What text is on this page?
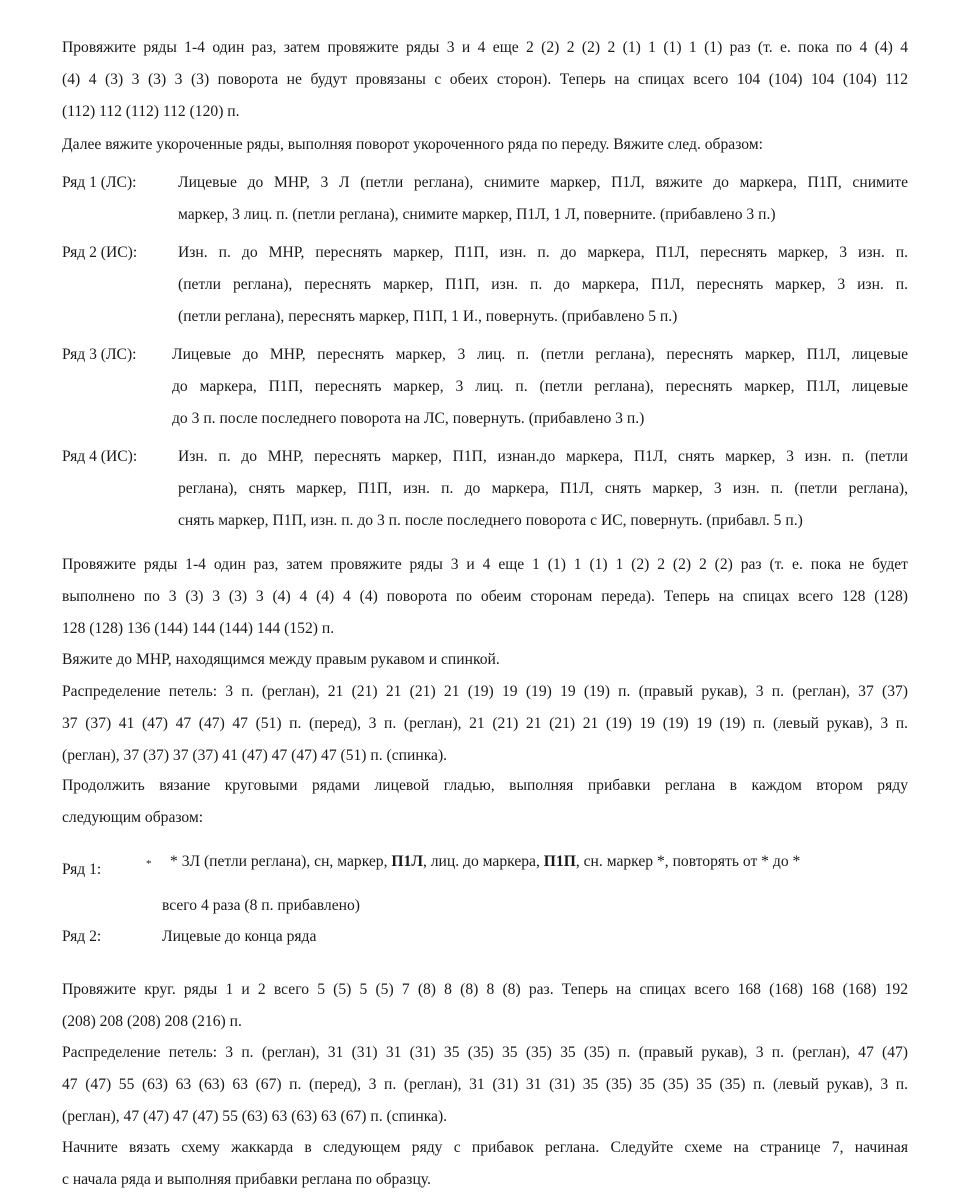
Провяжите ряды 1-4 один раз, затем провяжите ряды 3 и 4 еще 2 (2) 2 (2) 2 (1) 1 (1) 1 (1) раз (т. е. пока по 4 (4) 4
(4) 4 (3) 3 (3) 3 (3) поворота не будут провязаны с обеих сторон). Теперь на спицах всего 104 (104) 104 (104) 112
(112) 112 (112) 112 (120) п.
Далее вяжите укороченные ряды, выполняя поворот укороченного ряда по переду. Вяжите след. образом:
Провяжите ряды 1-4 один раз, затем провяжите ряды 3 и 4 еще 1 (1) 1 (1) 1 (2) 2 (2) 2 (2) раз (т. е. пока не будет
выполнено по 3 (3) 3 (3) 3 (4) 4 (4) 4 (4) поворота по обеим сторонам переда). Теперь на спицах всего 128 (128)
128 (128) 136 (144) 144 (144) 144 (152) п.
Вяжите до МНР, находящимся между правым рукавом и спинкой.
Распределение петель: 3 п. (реглан), 21 (21) 21 (21) 21 (19) 19 (19) 19 (19) п. (правый рукав), 3 п. (реглан), 37 (37)
37 (37) 41 (47) 47 (47) 47 (51) п. (перед), 3 п. (реглан), 21 (21) 21 (21) 21 (19) 19 (19) 19 (19) п. (левый рукав), 3 п.
(реглан), 37 (37) 37 (37) 41 (47) 47 (47) 47 (51) п. (спинка).
Продолжить вязание круговыми рядами лицевой гладью, выполняя прибавки реглана в каждом втором ряду
следующим образом:
Провяжите круг. ряды 1 и 2 всего 5 (5) 5 (5) 7 (8) 8 (8) 8 (8) раз. Теперь на спицах всего 168 (168) 168 (168) 192
(208) 208 (208) 208 (216) п.
Распределение петель: 3 п. (реглан), 31 (31) 31 (31) 35 (35) 35 (35) 35 (35) п. (правый рукав), 3 п. (реглан), 47 (47)
47 (47) 55 (63) 63 (63) 63 (67) п. (перед), 3 п. (реглан), 31 (31) 31 (31) 35 (35) 35 (35) 35 (35) п. (левый рукав), 3 п.
(реглан), 47 (47) 47 (47) 55 (63) 63 (63) 63 (67) п. (спинка).
Начните вязать схему жаккарда в следующем ряду с прибавок реглана. Следуйте схеме на странице 7, начиная
с начала ряда и выполняя прибавки реглана по образцу.
Ряд 1 (ЛС):	Лицевые до МНР, 3 Л (петли реглана), снимите маркер, П1Л, вяжите до маркера, П1П, снимите
маркер, 3 лиц. п. (петли реглана), снимите маркер, П1Л, 1 Л, поверните. (прибавлено 3 п.)
Ряд 2 (ИС):	Изн. п. до МНР, переснять маркер, П1П, изн. п. до маркера, П1Л, переснять маркер, 3 изн. п.
(петли реглана), переснять маркер, П1П, изн. п. до маркера, П1Л, переснять маркер, 3 изн. п.
(петли реглана), переснять маркер, П1П, 1 И., повернуть. (прибавлено 5 п.)
Ряд 3 (ЛС): Лицевые до МНР, переснять маркер, 3 лиц. п. (петли реглана), переснять маркер, П1Л, лицевые
до маркера, П1П, переснять маркер, 3 лиц. п. (петли реглана), переснять маркер, П1Л, лицевые
до 3 п. после последнего поворота на ЛС, повернуть. (прибавлено 3 п.)
Ряд 4 (ИС):	Изн. п. до МНР, переснять маркер, П1П, изнан.до маркера, П1Л, снять маркер, 3 изн. п. (петли
реглана), снять маркер, П1П, изн. п. до маркера, П1Л, снять маркер, 3 изн. п. (петли реглана),
снять маркер, П1П, изн. п. до 3 п. после последнего поворота с ИС, повернуть. (прибавл. 5 п.)
Ряд 1:	* * 3Л (петли реглана), сн, маркер, П1Л, лиц. до маркера, П1П, сн. маркер *, повторять от * до *
всего 4 раза (8 п. прибавлено)
Ряд 2:	Лицевые до конца ряда
